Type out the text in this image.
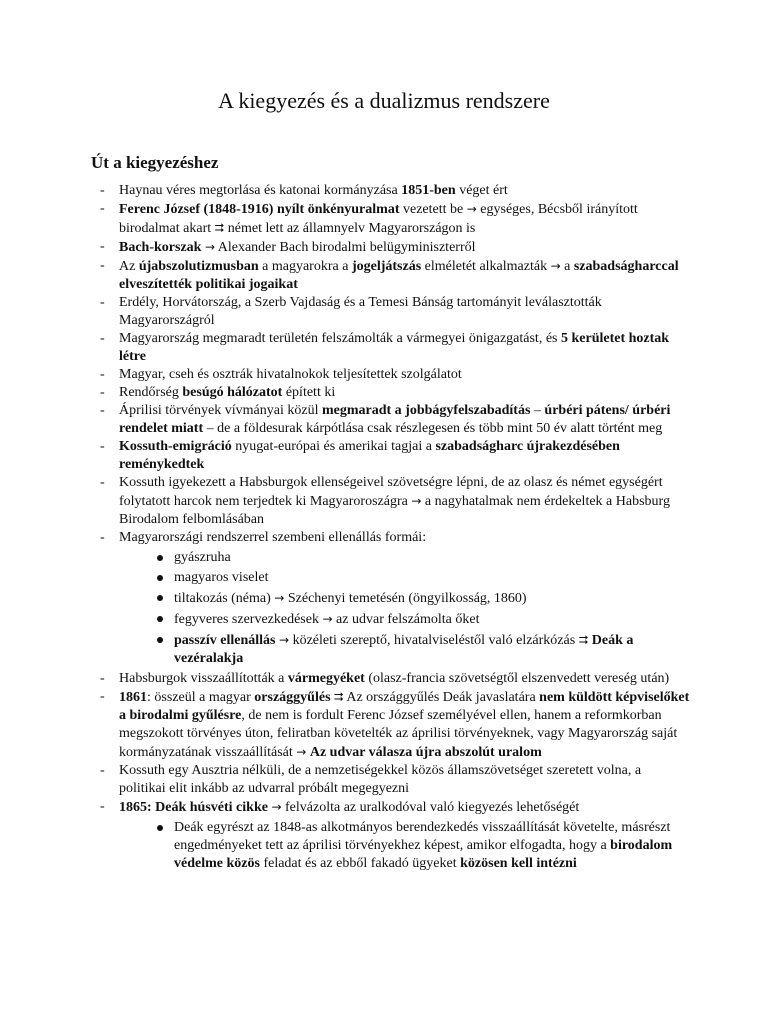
A kiegyezés és a dualizmus rendszere
Út a kiegyezéshez
- Haynau véres megtorlása és katonai kormányzása 1851-ben véget ért
- Ferenc József (1848-1916) nyílt önkényuralmat vezetett be → egységes, Bécsből irányított birodalmat akart ⮆ német lett az államnyelv Magyarországon is
- Bach-korszak → Alexander Bach birodalmi belügyminiszterről
- Az újabszolutizmusban a magyarokra a jogeljátszás elméletét alkalmazták → a szabadságharccal elveszítették politikai jogaikat
- Erdély, Horvátország, a Szerb Vajdaság és a Temesi Bánság tartományit leválasztották Magyarországról
- Magyarország megmaradt területén felszámolták a vármegyei önigazgatást, és 5 kerületet hoztak létre
- Magyar, cseh és osztrák hivatalnokok teljesítettek szolgálatot
- Rendőrség besúgó hálózatot épített ki
- Áprilisi törvények vívmányai közül megmaradt a jobbágyfelszabadítás – úrbéri pátens/ úrbéri rendelet miatt – de a földesurak kárpótlása csak részlegesen és több mint 50 év alatt történt meg
- Kossuth-emigráció nyugat-európai és amerikai tagjai a szabadságharc újrakezdésében reménykedtek
- Kossuth igyekezett a Habsburgok ellenségeivel szövetségre lépni, de az olasz és német egységért folytatott harcok nem terjedtek ki Magyaroroszágra → a nagyhatalmak nem érdekeltek a Habsburg Birodalom felbomlásában
- Magyarországi rendszerrel szembeni ellenállás formái:
gyászruha
magyaros viselet
tiltakozás (néma) → Széchenyi temetésén (öngyilkosság, 1860)
fegyveres szervezkedések → az udvar felszámolta őket
passzív ellenállás → közéleti szereptő, hivatalviseléstől való elzárkózás ⮆ Deák a vezéralakja
- Habsburgok visszaállították a vármegyéket (olasz-francia szövetségtől elszenvedett vereség után)
- 1861: összeül a magyar országgyűlés ⮆ Az országgyűlés Deák javaslatára nem küldött képviselőket a birodalmi gyűlésre, de nem is fordult Ferenc József személyével ellen, hanem a reformkorban megszokott törvényes úton, feliratban követelték az áprilisi törvényeknek, vagy Magyarország saját kormányzatának visszaállítását → Az udvar válasza újra abszolút uralom
- Kossuth egy Ausztria nélküli, de a nemzetiségekkel közös államszövetséget szeretett volna, a politikai elit inkább az udvarral próbált megegyezni
- 1865: Deák húsvéti cikke → felvázolta az uralkodóval való kiegyezés lehetőségét
Deák egyrészt az 1848-as alkotmányos berendezkedés visszaállítását követelte, másrészt engedményeket tett az áprilisi törvényekhez képest, amikor elfogadta, hogy a birodalom védelme közös feladat és az ebből fakadó ügyeket közösen kell intézni
